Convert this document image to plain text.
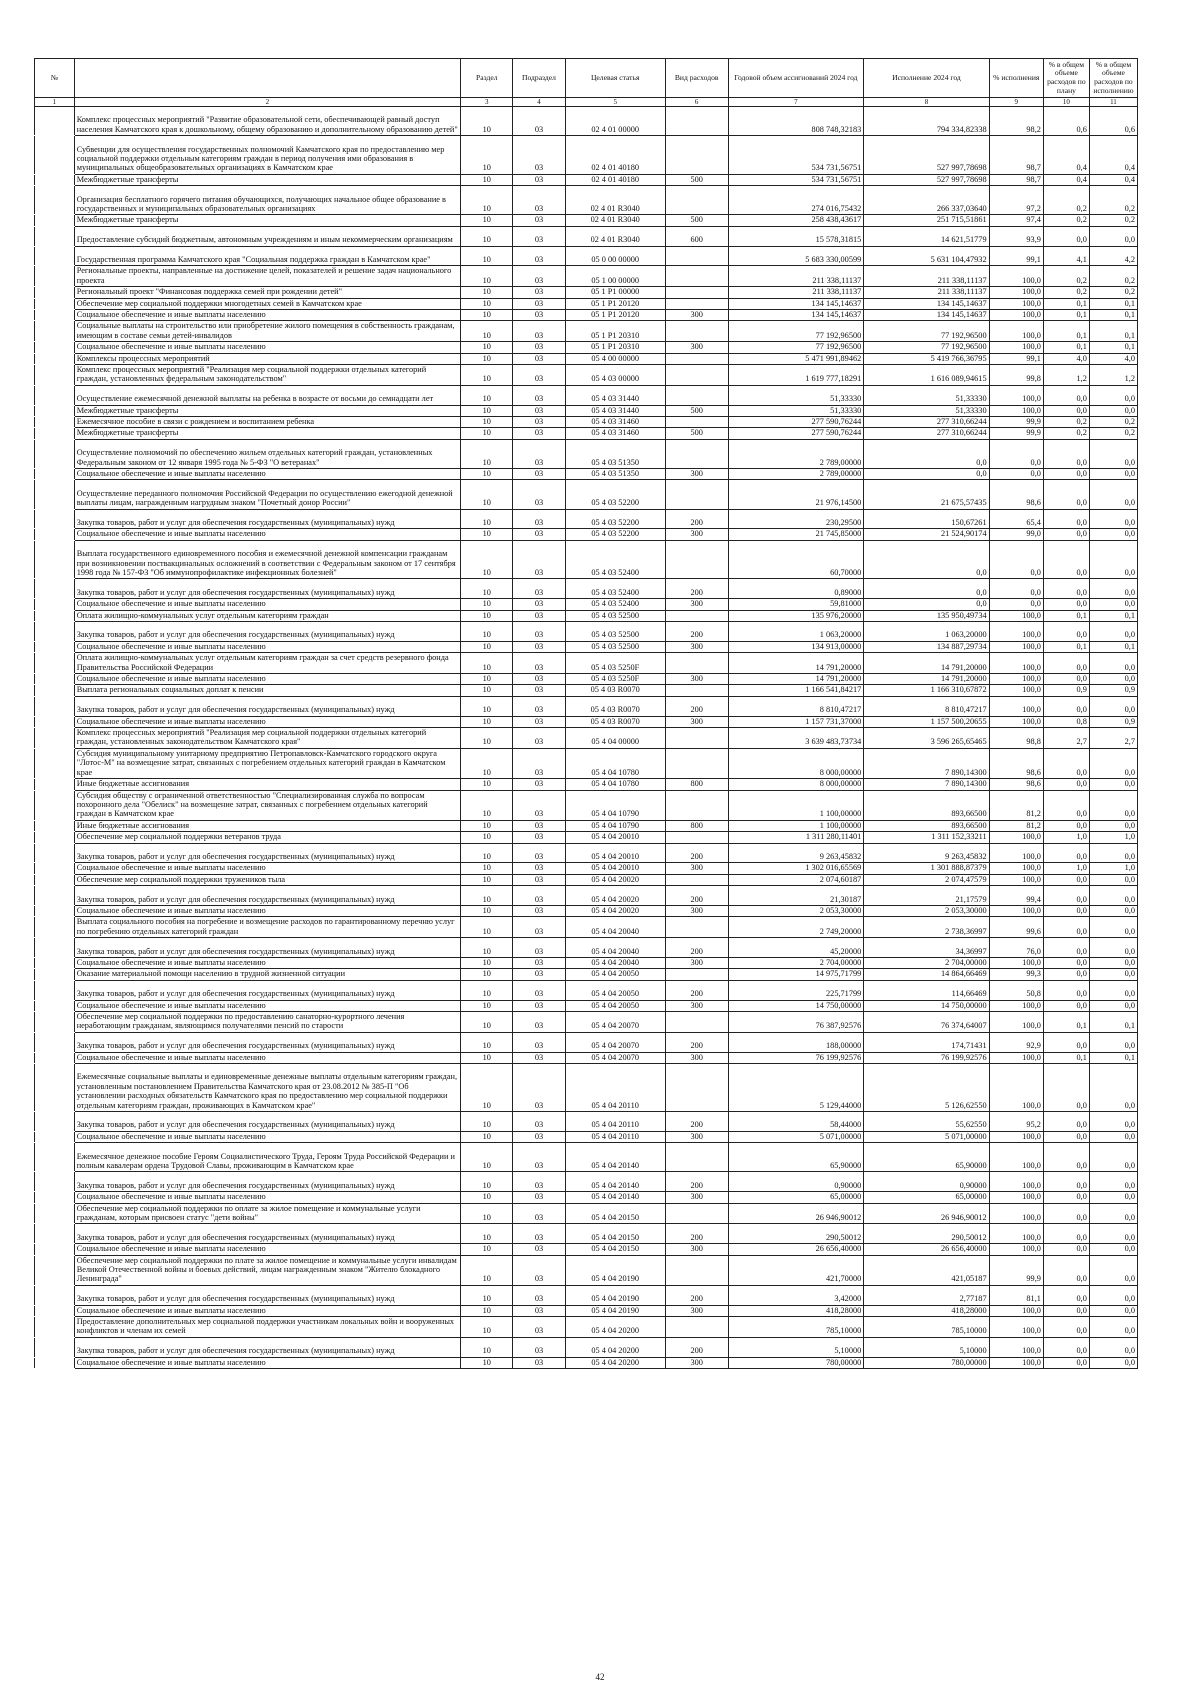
№		Раздел	Подраздел	Целевая статья	Вид расходов	Годовой объем ассигнований 2024 год	Исполнение 2024 год	% исполнения	% в общем объеме расходов по плану	% в общем объеме расходов по исполнению
1	2	3	4	5	6	7	8	9	10	11
	Комплекс процессных мероприятий "Развитие образовательной сети, обеспечивающей равный доступ населения Камчатского края к дошкольному, общему образованию и дополнительному образованию детей"	10	03	02 4 01 00000		808 748,32183	794 334,82338	98,2	0,6	0,6
	Субвенции для осуществления государственных полномочий Камчатского края по предоставлению мер социальной поддержки отдельным категориям граждан в период получения ими образования в муниципальных общеобразовательных организациях в Камчатском крае	10	03	02 4 01 40180		534 731,56751	527 997,78698	98,7	0,4	0,4
	Межбюджетные трансферты	10	03	02 4 01 40180	500	534 731,56751	527 997,78698	98,7	0,4	0,4
	Организация бесплатного горячего питания обучающихся, получающих начальное общее образование в государственных и муниципальных образовательных организациях	10	03	02 4 01 R3040		274 016,75432	266 337,03640	97,2	0,2	0,2
	Межбюджетные трансферты	10	03	02 4 01 R3040	500	258 438,43617	251 715,51861	97,4	0,2	0,2
	Предоставление субсидий бюджетным, автономным учреждениям и иным некоммерческим организациям	10	03	02 4 01 R3040	600	15 578,31815	14 621,51779	93,9	0,0	0,0
	Государственная программа Камчатского края "Социальная поддержка граждан в Камчатском крае"	10	03	05 0 00 00000		5 683 330,00599	5 631 104,47932	99,1	4,1	4,2
	Региональные проекты, направленные на достижение целей, показателей и решение задач национального проекта	10	03	05 1 00 00000		211 338,11137	211 338,11137	100,0	0,2	0,2
	Региональный проект "Финансовая поддержка семей при рождении детей"	10	03	05 1 P1 00000		211 338,11137	211 338,11137	100,0	0,2	0,2
	Обеспечение мер социальной поддержки многодетных семей в Камчатском крае	10	03	05 1 P1 20120		134 145,14637	134 145,14637	100,0	0,1	0,1
	Социальное обеспечение и иные выплаты населению	10	03	05 1 P1 20120	300	134 145,14637	134 145,14637	100,0	0,1	0,1
	Социальные выплаты на строительство или приобретение жилого помещения в собственность гражданам, имеющим в составе семьи детей-инвалидов	10	03	05 1 P1 20310		77 192,96500	77 192,96500	100,0	0,1	0,1
	Социальное обеспечение и иные выплаты населению	10	03	05 1 P1 20310	300	77 192,96500	77 192,96500	100,0	0,1	0,1
	Комплексы процессных мероприятий	10	03	05 4 00 00000		5 471 991,89462	5 419 766,36795	99,1	4,0	4,0
	Комплекс процессных мероприятий "Реализация мер социальной поддержки отдельных категорий граждан, установленных федеральным законодательством"	10	03	05 4 03 00000		1 619 777,18291	1 616 089,94615	99,8	1,2	1,2
	Осуществление ежемесячной денежной выплаты на ребенка в возрасте от восьми до семнадцати лет	10	03	05 4 03 31440		51,33330	51,33330	100,0	0,0	0,0
	Межбюджетные трансферты	10	03	05 4 03 31440	500	51,33330	51,33330	100,0	0,0	0,0
	Ежемесячное пособие в связи с рождением и воспитанием ребенка	10	03	05 4 03 31460		277 590,76244	277 310,66244	99,9	0,2	0,2
	Межбюджетные трансферты	10	03	05 4 03 31460	500	277 590,76244	277 310,66244	99,9	0,2	0,2
	Осуществление полномочий по обеспечению жильем отдельных категорий граждан, установленных Федеральным законом от 12 января 1995 года № 5-ФЗ "О ветеранах"	10	03	05 4 03 51350		2 789,00000	0,0	0,0	0,0	0,0
	Социальное обеспечение и иные выплаты населению	10	03	05 4 03 51350	300	2 789,00000	0,0	0,0	0,0	0,0
	Осуществление переданного полномочия Российской Федерации по осуществлению ежегодной денежной выплаты лицам, награжденным нагрудным знаком "Почетный донор России"	10	03	05 4 03 52200		21 976,14500	21 675,57435	98,6	0,0	0,0
	Закупка товаров, работ и услуг для обеспечения государственных (муниципальных) нужд	10	03	05 4 03 52200	200	230,29500	150,67261	65,4	0,0	0,0
	Социальное обеспечение и иные выплаты населению	10	03	05 4 03 52200	300	21 745,85000	21 524,90174	99,0	0,0	0,0
	Выплата государственного единовременного пособия и ежемесячной денежной компенсации гражданам при возникновении поствакцинальных осложнений в соответствии с Федеральным законом от 17 сентября 1998 года № 157-ФЗ "Об иммунопрофилактике инфекционных болезней"	10	03	05 4 03 52400		60,70000	0,0	0,0	0,0	0,0
	Закупка товаров, работ и услуг для обеспечения государственных (муниципальных) нужд	10	03	05 4 03 52400	200	0,89000	0,0	0,0	0,0	0,0
	Социальное обеспечение и иные выплаты населению	10	03	05 4 03 52400	300	59,81000	0,0	0,0	0,0	0,0
	Оплата жилищно-коммунальных услуг отдельным категориям граждан	10	03	05 4 03 52500		135 976,20000	135 950,49734	100,0	0,1	0,1
	Закупка товаров, работ и услуг для обеспечения государственных (муниципальных) нужд	10	03	05 4 03 52500	200	1 063,20000	1 063,20000	100,0	0,0	0,0
	Социальное обеспечение и иные выплаты населению	10	03	05 4 03 52500	300	134 913,00000	134 887,29734	100,0	0,1	0,1
	Оплата жилищно-коммунальных услуг отдельным категориям граждан за счет средств резервного фонда Правительства Российской Федерации	10	03	05 4 03 5250F		14 791,20000	14 791,20000	100,0	0,0	0,0
	Социальное обеспечение и иные выплаты населению	10	03	05 4 03 5250F	300	14 791,20000	14 791,20000	100,0	0,0	0,0
	Выплата региональных социальных доплат к пенсии	10	03	05 4 03 R0070		1 166 541,84217	1 166 310,67872	100,0	0,9	0,9
	Закупка товаров, работ и услуг для обеспечения государственных (муниципальных) нужд	10	03	05 4 03 R0070	200	8 810,47217	8 810,47217	100,0	0,0	0,0
	Социальное обеспечение и иные выплаты населению	10	03	05 4 03 R0070	300	1 157 731,37000	1 157 500,20655	100,0	0,8	0,9
	Комплекс процессных мероприятий "Реализация мер социальной поддержки отдельных категорий граждан, установленных законодательством Камчатского края"	10	03	05 4 04 00000		3 639 483,73734	3 596 265,65465	98,8	2,7	2,7
	Субсидия муниципальному унитарному предприятию Петропавловск-Камчатского городского округа "Лотос-М" на возмещение затрат, связанных с погребением отдельных категорий граждан в Камчатском крае	10	03	05 4 04 10780		8 000,00000	7 890,14300	98,6	0,0	0,0
	Иные бюджетные ассигнования	10	03	05 4 04 10780	800	8 000,00000	7 890,14300	98,6	0,0	0,0
	Субсидия обществу с ограниченной ответственностью "Специализированная служба по вопросам похоронного дела "Обелиск" на возмещение затрат, связанных с погребением отдельных категорий граждан в Камчатском крае	10	03	05 4 04 10790		1 100,00000	893,66500	81,2	0,0	0,0
	Иные бюджетные ассигнования	10	03	05 4 04 10790	800	1 100,00000	893,66500	81,2	0,0	0,0
	Обеспечение мер социальной поддержки ветеранов труда	10	03	05 4 04 20010		1 311 280,11401	1 311 152,33211	100,0	1,0	1,0
	Закупка товаров, работ и услуг для обеспечения государственных (муниципальных) нужд	10	03	05 4 04 20010	200	9 263,45832	9 263,45832	100,0	0,0	0,0
	Социальное обеспечение и иные выплаты населению	10	03	05 4 04 20010	300	1 302 016,65569	1 301 888,87379	100,0	1,0	1,0
	Обеспечение мер социальной поддержки тружеников тыла	10	03	05 4 04 20020		2 074,60187	2 074,47579	100,0	0,0	0,0
	Закупка товаров, работ и услуг для обеспечения государственных (муниципальных) нужд	10	03	05 4 04 20020	200	21,30187	21,17579	99,4	0,0	0,0
	Социальное обеспечение и иные выплаты населению	10	03	05 4 04 20020	300	2 053,30000	2 053,30000	100,0	0,0	0,0
	Выплата социального пособия на погребение и возмещение расходов по гарантированному перечню услуг по погребению отдельных категорий граждан	10	03	05 4 04 20040		2 749,20000	2 738,36997	99,6	0,0	0,0
	Закупка товаров, работ и услуг для обеспечения государственных (муниципальных) нужд	10	03	05 4 04 20040	200	45,20000	34,36997	76,0	0,0	0,0
	Социальное обеспечение и иные выплаты населению	10	03	05 4 04 20040	300	2 704,00000	2 704,00000	100,0	0,0	0,0
	Оказание материальной помощи населению в трудной жизненной ситуации	10	03	05 4 04 20050		14 975,71799	14 864,66469	99,3	0,0	0,0
	Закупка товаров, работ и услуг для обеспечения государственных (муниципальных) нужд	10	03	05 4 04 20050	200	225,71799	114,66469	50,8	0,0	0,0
	Социальное обеспечение и иные выплаты населению	10	03	05 4 04 20050	300	14 750,00000	14 750,00000	100,0	0,0	0,0
	Обеспечение мер социальной поддержки по предоставлению санаторно-курортного лечения неработающим гражданам, являющимся получателями пенсий по старости	10	03	05 4 04 20070		76 387,92576	76 374,64007	100,0	0,1	0,1
	Закупка товаров, работ и услуг для обеспечения государственных (муниципальных) нужд	10	03	05 4 04 20070	200	188,00000	174,71431	92,9	0,0	0,0
	Социальное обеспечение и иные выплаты населению	10	03	05 4 04 20070	300	76 199,92576	76 199,92576	100,0	0,1	0,1
	Ежемесячные социальные выплаты и единовременные денежные выплаты отдельным категориям граждан, установленным постановлением Правительства Камчатского края от 23.08.2012 № 385-П "Об установлении расходных обязательств Камчатского края по предоставлению мер социальной поддержки отдельным категориям граждан, проживающих в Камчатском крае"	10	03	05 4 04 20110		5 129,44000	5 126,62550	100,0	0,0	0,0
	Закупка товаров, работ и услуг для обеспечения государственных (муниципальных) нужд	10	03	05 4 04 20110	200	58,44000	55,62550	95,2	0,0	0,0
	Социальное обеспечение и иные выплаты населению	10	03	05 4 04 20110	300	5 071,00000	5 071,00000	100,0	0,0	0,0
	Ежемесячное денежное пособие Героям Социалистического Труда, Героям Труда Российской Федерации и полным кавалерам ордена Трудовой Славы, проживающим в Камчатском крае	10	03	05 4 04 20140		65,90000	65,90000	100,0	0,0	0,0
	Закупка товаров, работ и услуг для обеспечения государственных (муниципальных) нужд	10	03	05 4 04 20140	200	0,90000	0,90000	100,0	0,0	0,0
	Социальное обеспечение и иные выплаты населению	10	03	05 4 04 20140	300	65,00000	65,00000	100,0	0,0	0,0
	Обеспечение мер социальной поддержки по оплате за жилое помещение и коммунальные услуги гражданам, которым присвоен статус "дети войны"	10	03	05 4 04 20150		26 946,90012	26 946,90012	100,0	0,0	0,0
	Закупка товаров, работ и услуг для обеспечения государственных (муниципальных) нужд	10	03	05 4 04 20150	200	290,50012	290,50012	100,0	0,0	0,0
	Социальное обеспечение и иные выплаты населению	10	03	05 4 04 20150	300	26 656,40000	26 656,40000	100,0	0,0	0,0
	Обеспечение мер социальной поддержки по плате за жилое помещение и коммунальные услуги инвалидам Великой Отечественной войны и боевых действий, лицам награжденным знаком "Жителю блокадного Ленинграда"	10	03	05 4 04 20190		421,70000	421,05187	99,9	0,0	0,0
	Закупка товаров, работ и услуг для обеспечения государственных (муниципальных) нужд	10	03	05 4 04 20190	200	3,42000	2,77187	81,1	0,0	0,0
	Социальное обеспечение и иные выплаты населению	10	03	05 4 04 20190	300	418,28000	418,28000	100,0	0,0	0,0
	Предоставление дополнительных мер социальной поддержки участникам локальных войн и вооруженных конфликтов и членам их семей	10	03	05 4 04 20200		785,10000	785,10000	100,0	0,0	0,0
	Закупка товаров, работ и услуг для обеспечения государственных (муниципальных) нужд	10	03	05 4 04 20200	200	5,10000	5,10000	100,0	0,0	0,0
	Социальное обеспечение и иные выплаты населению	10	03	05 4 04 20200	300	780,00000	780,00000	100,0	0,0	0,0
42
